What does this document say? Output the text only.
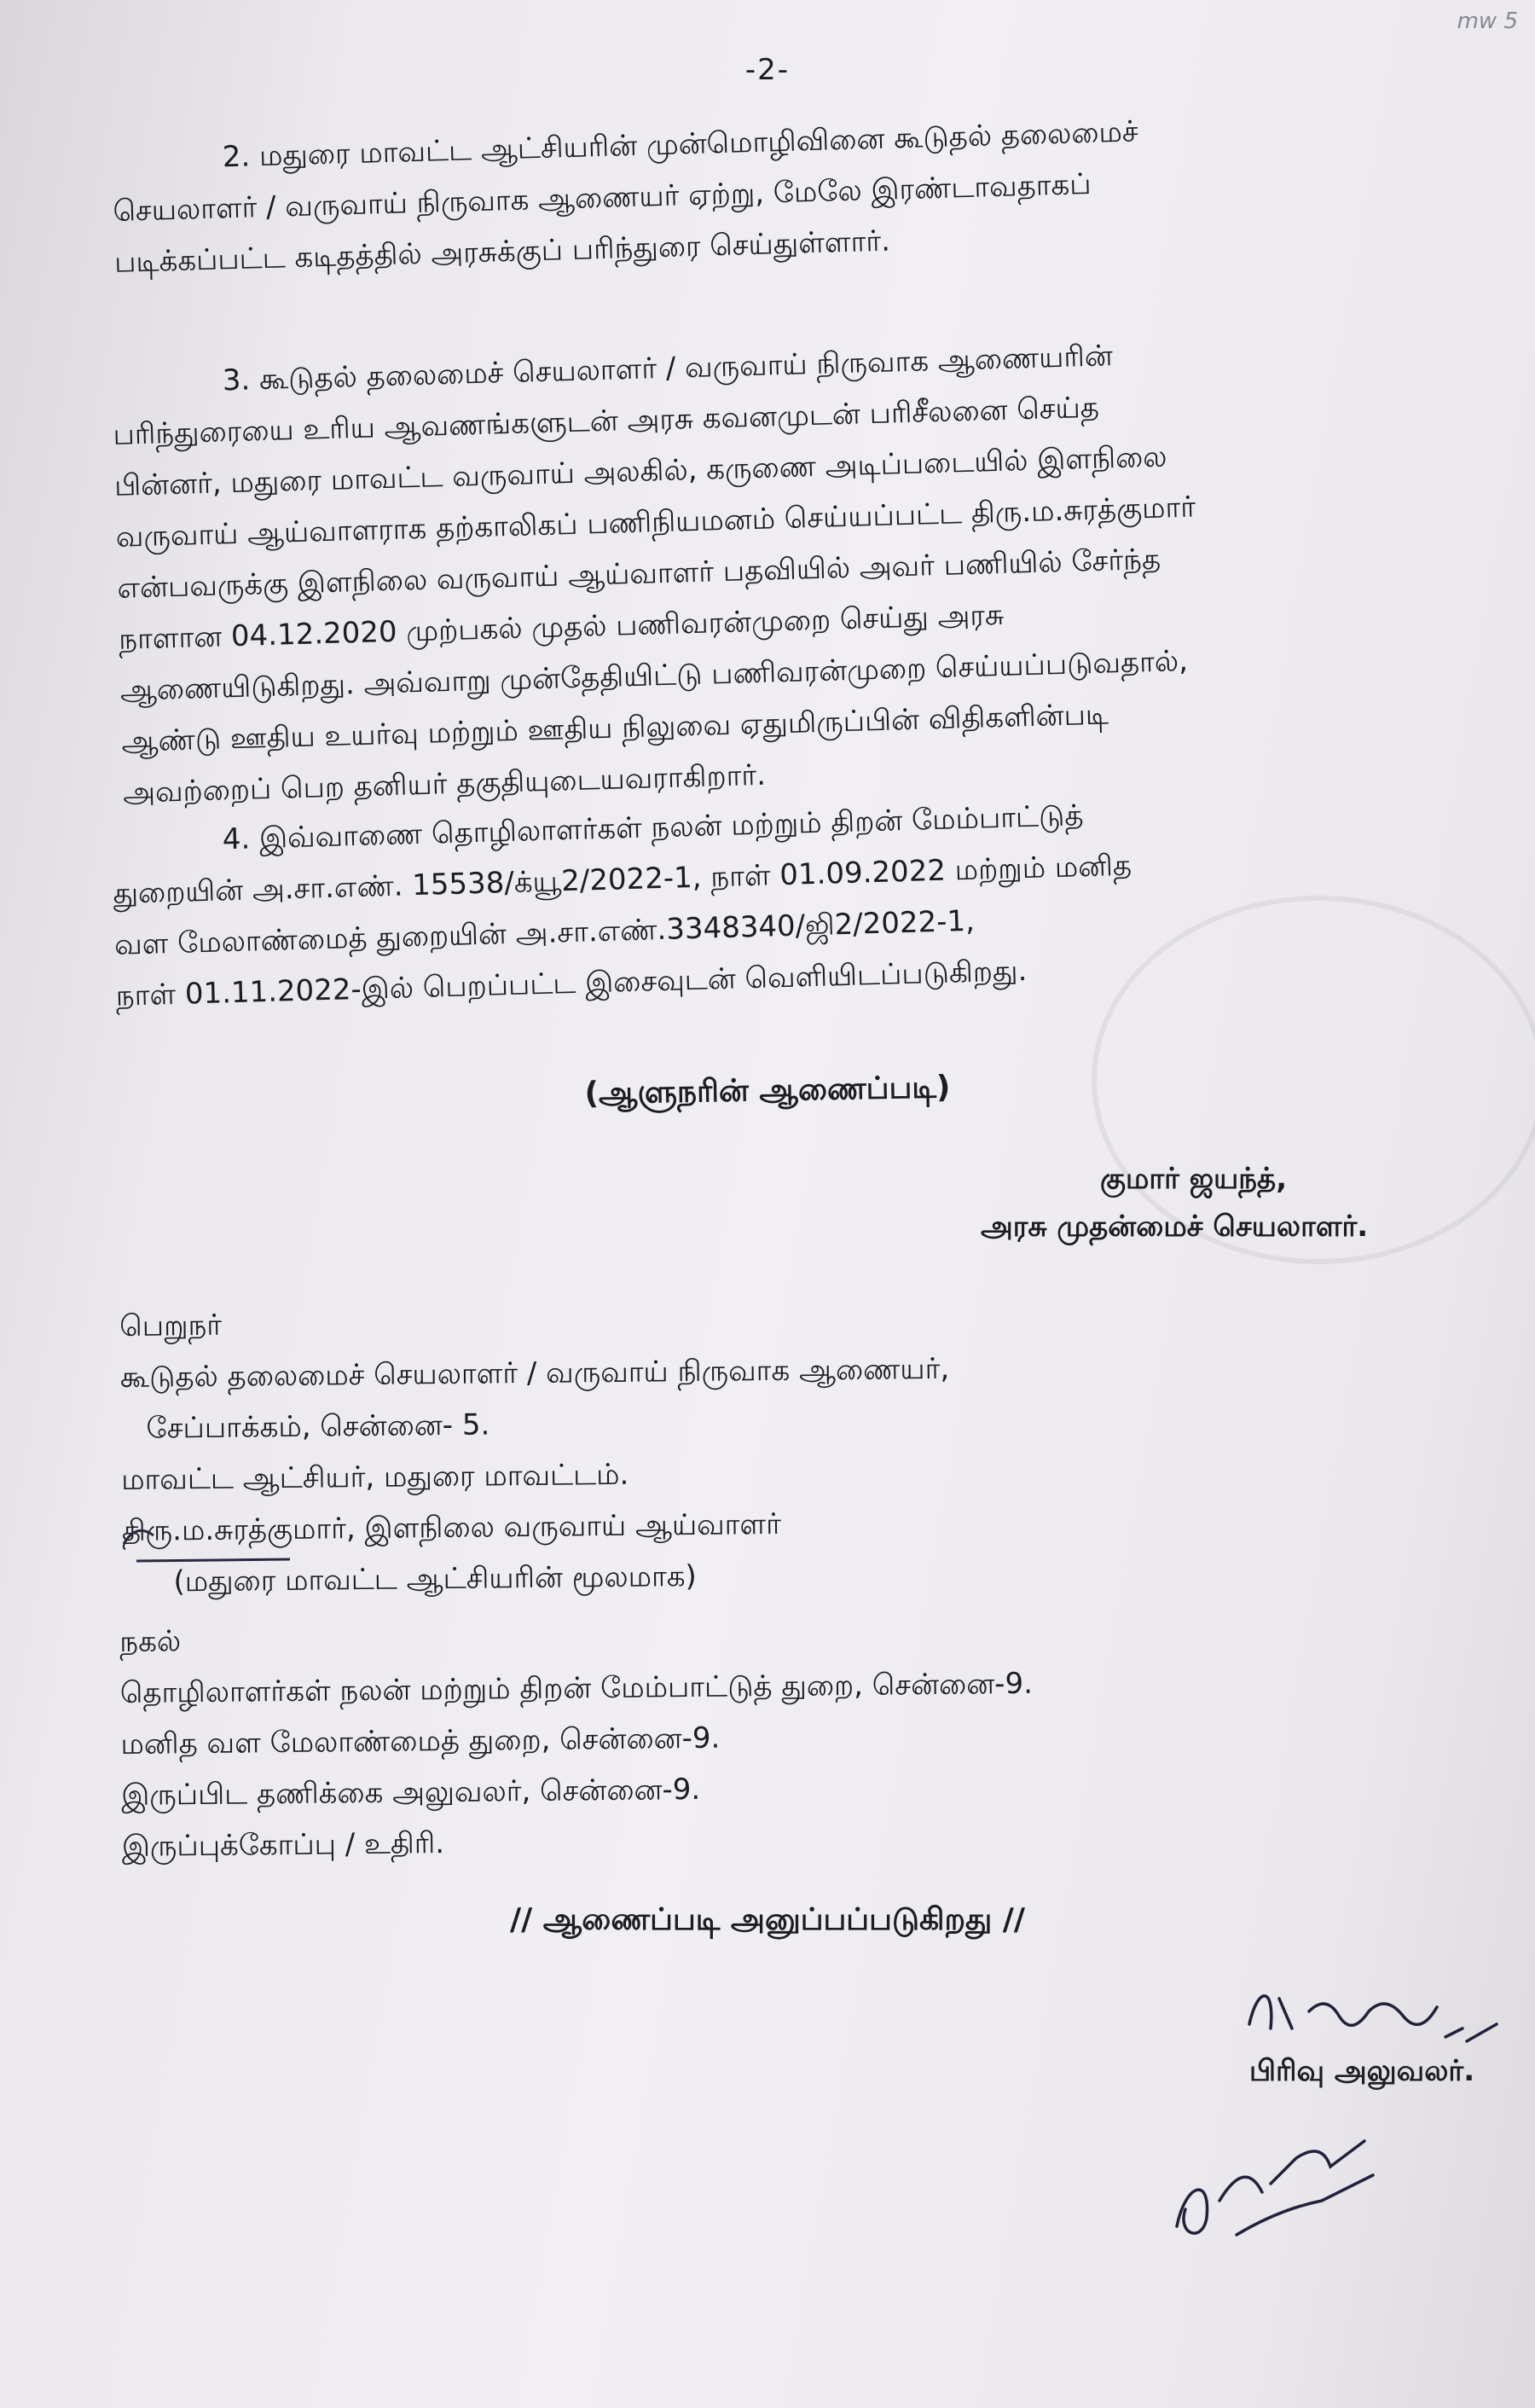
mw 5
-2-
2. மதுரை மாவட்ட ஆட்சியரின் முன்மொழிவினை கூடுதல் தலைமைச்
செயலாளர் / வருவாய் நிருவாக ஆணையர் ஏற்று, மேலே இரண்டாவதாகப்
படிக்கப்பட்ட கடிதத்தில் அரசுக்குப் பரிந்துரை செய்துள்ளார்.
3. கூடுதல் தலைமைச் செயலாளர் / வருவாய் நிருவாக ஆணையரின்
பரிந்துரையை உரிய ஆவணங்களுடன் அரசு கவனமுடன் பரிசீலனை செய்த
பின்னர், மதுரை மாவட்ட வருவாய் அலகில், கருணை அடிப்படையில் இளநிலை
வருவாய் ஆய்வாளராக தற்காலிகப் பணிநியமனம் செய்யப்பட்ட திரு.ம.சுரத்குமார்
என்பவருக்கு இளநிலை வருவாய் ஆய்வாளர் பதவியில் அவர் பணியில் சேர்ந்த
நாளான 04.12.2020 முற்பகல் முதல் பணிவரன்முறை செய்து அரசு
ஆணையிடுகிறது. அவ்வாறு முன்தேதியிட்டு பணிவரன்முறை செய்யப்படுவதால்,
ஆண்டு ஊதிய உயர்வு மற்றும் ஊதிய நிலுவை ஏதுமிருப்பின் விதிகளின்படி
அவற்றைப் பெற தனியர் தகுதியுடையவராகிறார்.
4. இவ்வாணை தொழிலாளர்கள் நலன் மற்றும் திறன் மேம்பாட்டுத்
துறையின் அ.சா.எண். 15538/க்யூ2/2022-1, நாள் 01.09.2022 மற்றும் மனித
வள மேலாண்மைத் துறையின் அ.சா.எண்.3348340/ஜி2/2022-1,
நாள் 01.11.2022-இல் பெறப்பட்ட இசைவுடன் வெளியிடப்படுகிறது.
(ஆளுநரின் ஆணைப்படி)
குமார் ஜயந்த்,
அரசு முதன்மைச் செயலாளர்.
பெறுநர்
கூடுதல் தலைமைச் செயலாளர் / வருவாய் நிருவாக ஆணையர்,
சேப்பாக்கம், சென்னை- 5.
மாவட்ட ஆட்சியர், மதுரை மாவட்டம்.
திரு.ம.சுரத்குமார், இளநிலை வருவாய் ஆய்வாளர்
(மதுரை மாவட்ட ஆட்சியரின் மூலமாக)
நகல்
தொழிலாளர்கள் நலன் மற்றும் திறன் மேம்பாட்டுத் துறை, சென்னை-9.
மனித வள மேலாண்மைத் துறை, சென்னை-9.
இருப்பிட தணிக்கை அலுவலர், சென்னை-9.
இருப்புக்கோப்பு / உதிரி.
// ஆணைப்படி அனுப்பப்படுகிறது //
பிரிவு அலுவலர்.
